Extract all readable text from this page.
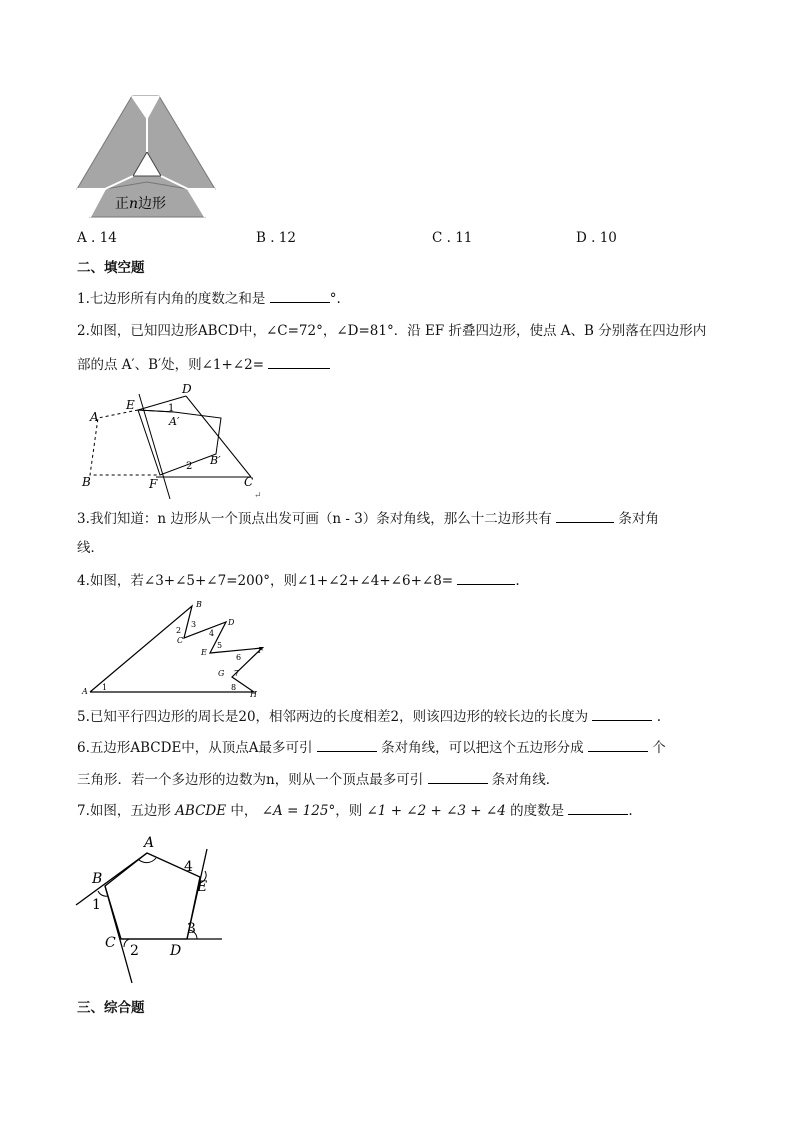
正n边形
A . 14	B . 12	C . 11	D . 10
二、填空题
1.七边形所有内角的度数之和是	°.
2.如图，已知四边形ABCD中，∠C=72°，∠D=81°．沿 EF 折叠四边形，使点 A、B 分别落在四边形内
部的点 A′、B′处，则∠1+∠2=
D
E
A	A′
1
B′
2
B	F	C
↵
3.我们知道：n 边形从一个顶点出发可画（n - 3）条对角线，那么十二边形共有	条对角
线．
4.如图，若∠3+∠5+∠7=200°，则∠1+∠2+∠4+∠6+∠8=	.
B
2
C
3
4
D
5
E
6
F
7
G
8
H
A 1
5.已知平行四边形的周长是20，相邻两边的长度相差2，则该四边形的较长边的长度为	.
6.五边形ABCDE中，从顶点A最多可引	条对角线，可以把这个五边形分成	个
三角形．若一个多边形的边数为n，则从一个顶点最多可引	条对角线．
7.如图，五边形 ABCDE 中， ∠A = 125°，则 ∠1 + ∠2 + ∠3 + ∠4 的度数是	.
A
B
1
C 2 D
3
E
4
三、综合题
